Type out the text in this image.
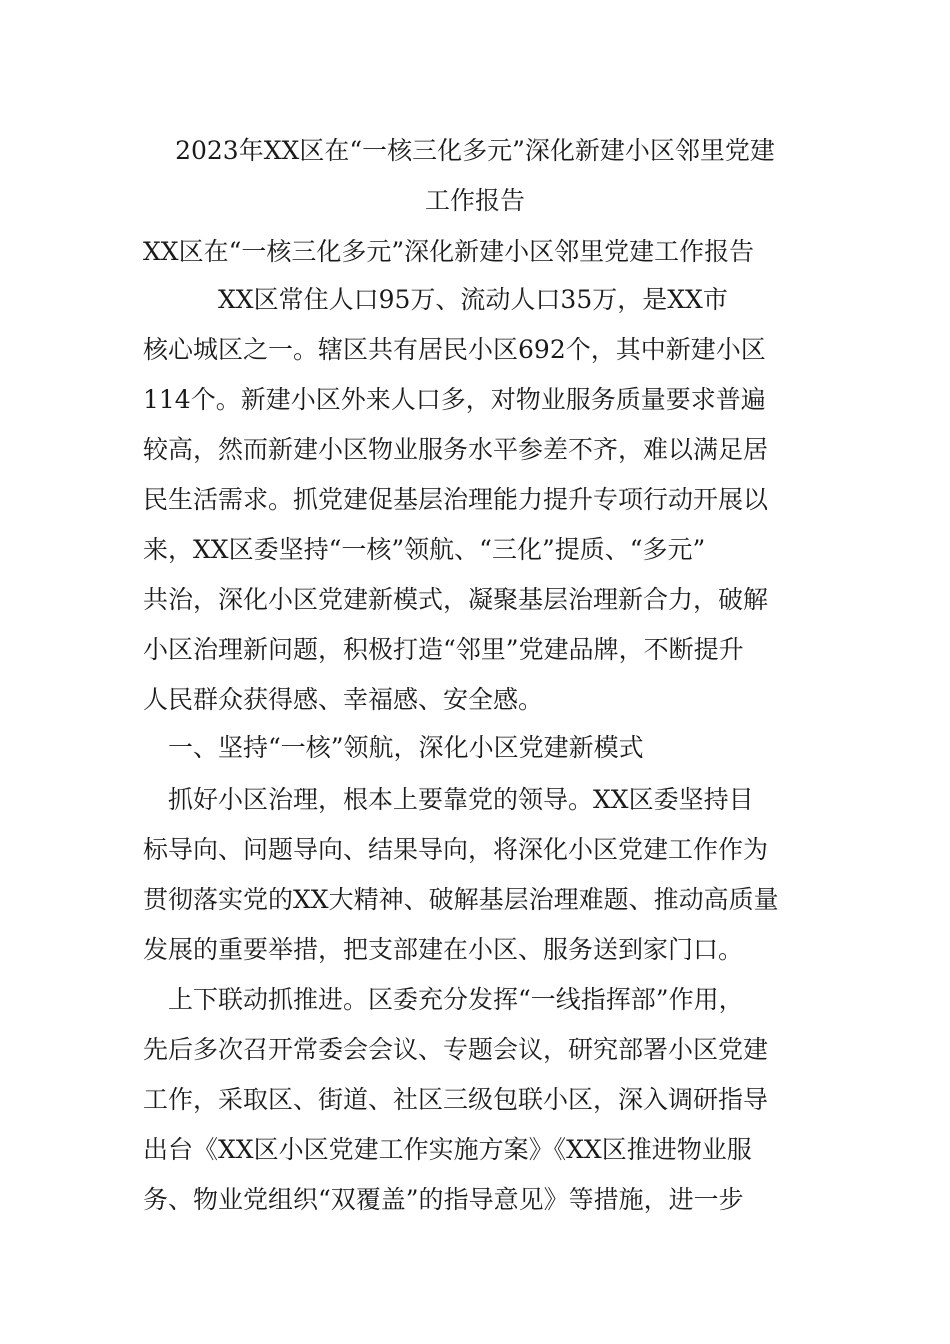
2023年XX区在“一核三化多元”深化新建小区邻里党建
工作报告
XX区在“一核三化多元”深化新建小区邻里党建工作报告
　　　XX区常住人口95万、流动人口35万，是XX市
核心城区之一。辖区共有居民小区692个，其中新建小区
114个。新建小区外来人口多，对物业服务质量要求普遍
较高，然而新建小区物业服务水平参差不齐，难以满足居
民生活需求。抓党建促基层治理能力提升专项行动开展以
来，XX区委坚持“一核”领航、“三化”提质、“多元”
共治，深化小区党建新模式，凝聚基层治理新合力，破解
小区治理新问题，积极打造“邻里”党建品牌，不断提升
人民群众获得感、幸福感、安全感。
　一、坚持“一核”领航，深化小区党建新模式
　抓好小区治理，根本上要靠党的领导。XX区委坚持目
标导向、问题导向、结果导向，将深化小区党建工作作为
贯彻落实党的XX大精神、破解基层治理难题、推动高质量
发展的重要举措，把支部建在小区、服务送到家门口。
　上下联动抓推进。区委充分发挥“一线指挥部”作用，
先后多次召开常委会会议、专题会议，研究部署小区党建
工作，采取区、街道、社区三级包联小区，深入调研指导
出台《XX区小区党建工作实施方案》《XX区推进物业服
务、物业党组织“双覆盖”的指导意见》等措施，进一步
